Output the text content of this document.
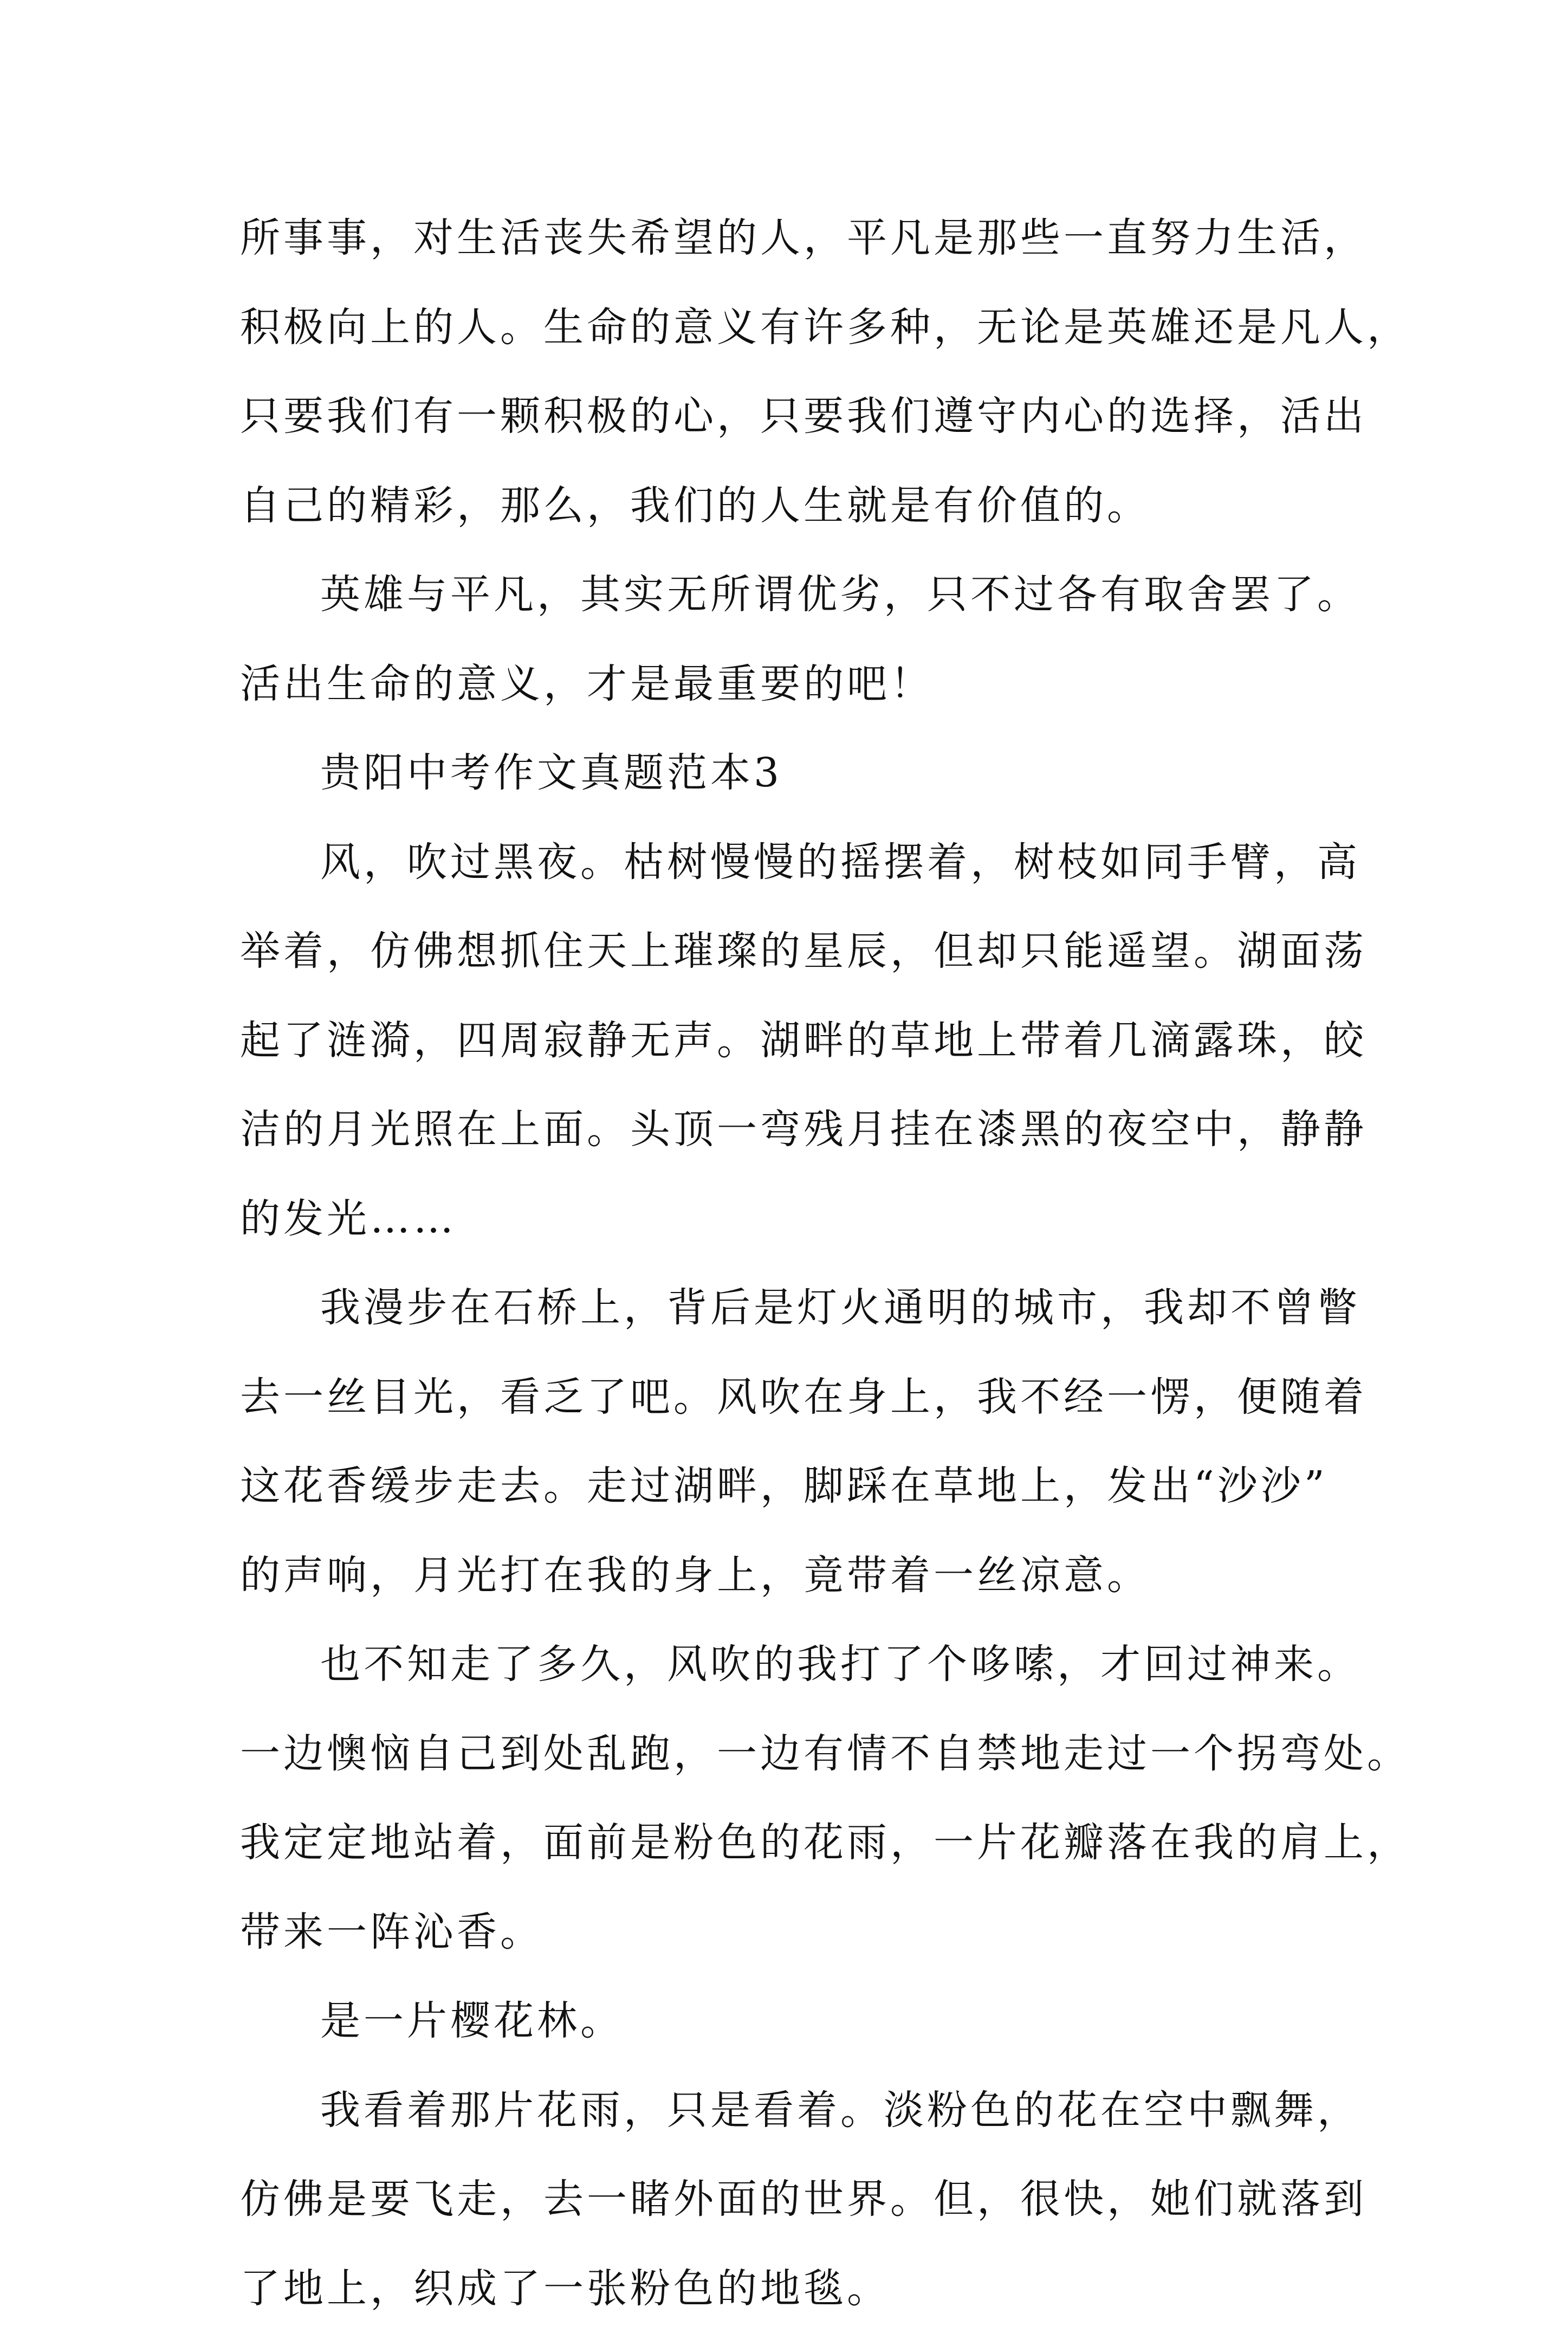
所事事，对生活丧失希望的人，平凡是那些一直努力生活，
积极向上的人。生命的意义有许多种，无论是英雄还是凡人，
只要我们有一颗积极的心，只要我们遵守内心的选择，活出
自己的精彩，那么，我们的人生就是有价值的。
英雄与平凡，其实无所谓优劣，只不过各有取舍罢了。
活出生命的意义，才是最重要的吧！
贵阳中考作文真题范本3
风，吹过黑夜。枯树慢慢的摇摆着，树枝如同手臂，高
举着，仿佛想抓住天上璀璨的星辰，但却只能遥望。湖面荡
起了涟漪，四周寂静无声。湖畔的草地上带着几滴露珠，皎
洁的月光照在上面。头顶一弯残月挂在漆黑的夜空中，静静
的发光……
我漫步在石桥上，背后是灯火通明的城市，我却不曾瞥
去一丝目光，看乏了吧。风吹在身上，我不经一愣，便随着
这花香缓步走去。走过湖畔，脚踩在草地上，发出“沙沙”
的声响，月光打在我的身上，竟带着一丝凉意。
也不知走了多久，风吹的我打了个哆嗦，才回过神来。
一边懊恼自己到处乱跑，一边有情不自禁地走过一个拐弯处。
我定定地站着，面前是粉色的花雨，一片花瓣落在我的肩上，
带来一阵沁香。
是一片樱花林。
我看着那片花雨，只是看着。淡粉色的花在空中飘舞，
仿佛是要飞走，去一睹外面的世界。但，很快，她们就落到
了地上，织成了一张粉色的地毯。
